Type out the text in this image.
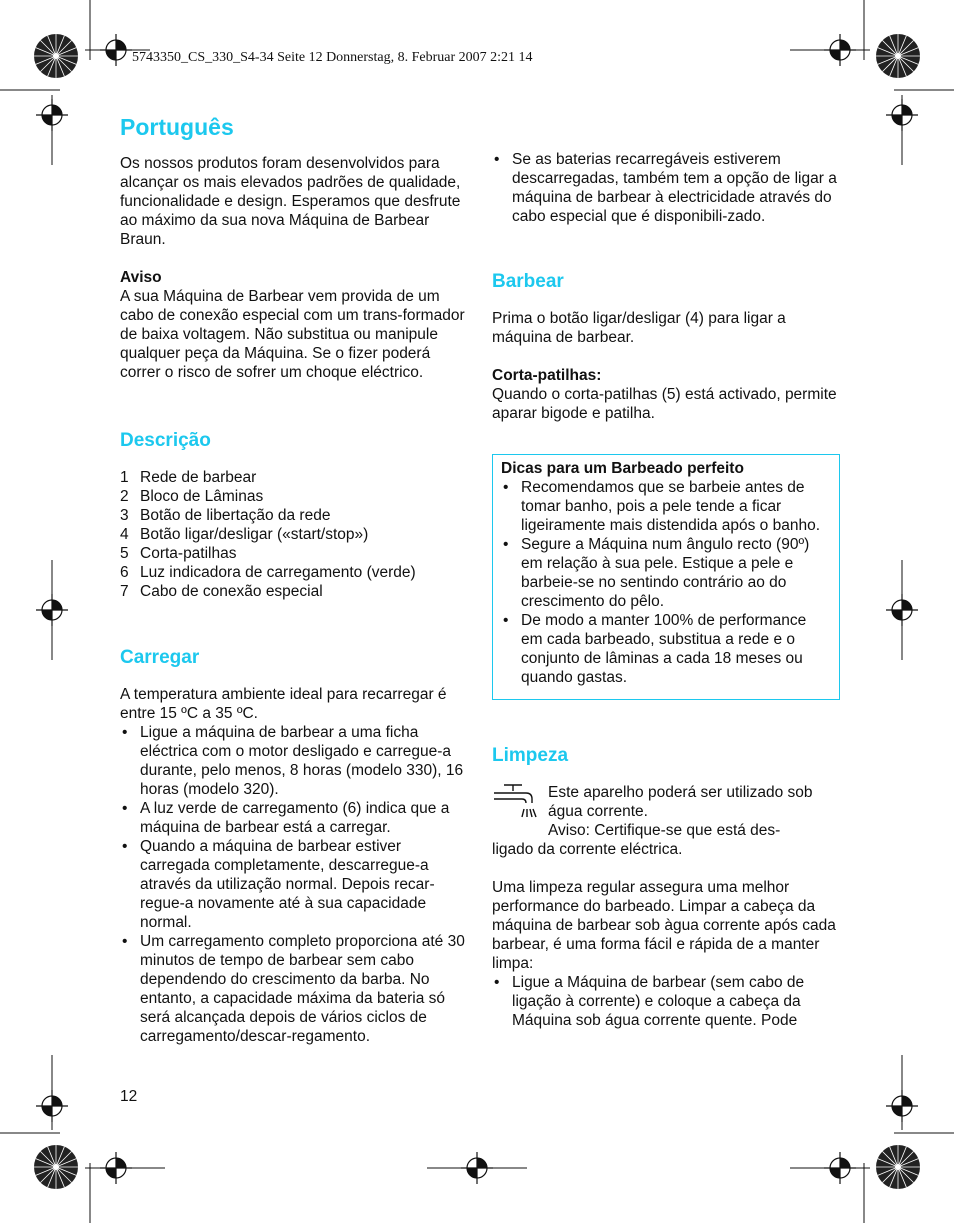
5743350_CS_330_S4-34 Seite 12 Donnerstag, 8. Februar 2007 2:21 14
Português

Os nossos produtos foram desenvolvidos para alcançar os mais elevados padrões de qualidade, funcionalidade e design. Esperamos que desfrute ao máximo da sua nova Máquina de Barbear Braun.

Aviso

A sua Máquina de Barbear vem provida de um cabo de conexão especial com um trans-formador de baixa voltagem. Não substitua ou manipule qualquer peça da Máquina. Se o fizer poderá correr o risco de sofrer um choque eléctrico.

Descrição
1 Rede de barbear
2 Bloco de Lâminas
3 Botão de libertação da rede
4 Botão ligar/desligar («start/stop»)
5 Corta-patilhas
6 Luz indicadora de carregamento (verde)
7 Cabo de conexão especial
Carregar

A temperatura ambiente ideal para recarregar é entre 15 ºC a 35 ºC.

• Ligue a máquina de barbear a uma ficha eléctrica com o motor desligado e carregue-a durante, pelo menos, 8 horas (modelo 330), 16 horas (modelo 320).
• A luz verde de carregamento (6) indica que a máquina de barbear está a carregar.
• Quando a máquina de barbear estiver carregada completamente, descarregue-a através da utilização normal. Depois recar-regue-a novamente até à sua capacidade normal.
• Um carregamento completo proporciona até 30 minutos de tempo de barbear sem cabo dependendo do crescimento da barba. No entanto, a capacidade máxima da bateria só será alcançada depois de vários ciclos de carregamento/descar-regamento.
12
• Se as baterias recarregáveis estiverem descarregadas, também tem a opção de ligar a máquina de barbear à electricidade através do cabo especial que é disponibili-zado.
Barbear

Prima o botão ligar/desligar (4) para ligar a máquina de barbear.

Corta-patilhas:

Quando o corta-patilhas (5) está activado, permite aparar bigode e patilha.

Dicas para um Barbeado perfeito

• Recomendamos que se barbeie antes de tomar banho, pois a pele tende a ficar ligeiramente mais distendida após o banho.
• Segure a Máquina num ângulo recto (90º) em relação à sua pele. Estique a pele e barbeie-se no sentindo contrário ao do crescimento do pêlo.
• De modo a manter 100% de performance em cada barbeado, substitua a rede e o conjunto de lâminas a cada 18 meses ou quando gastas.
Limpeza

Este aparelho poderá ser utilizado sob água corrente.

Aviso: Certifique-se que está des-

ligado da corrente eléctrica.

Uma limpeza regular assegura uma melhor performance do barbeado. Limpar a cabeça da máquina de barbear sob àgua corrente após cada barbear, é uma forma fácil e rápida de a manter limpa:

• Ligue a Máquina de barbear (sem cabo de ligação à corrente) e coloque a cabeça da Máquina sob água corrente quente. Pode
